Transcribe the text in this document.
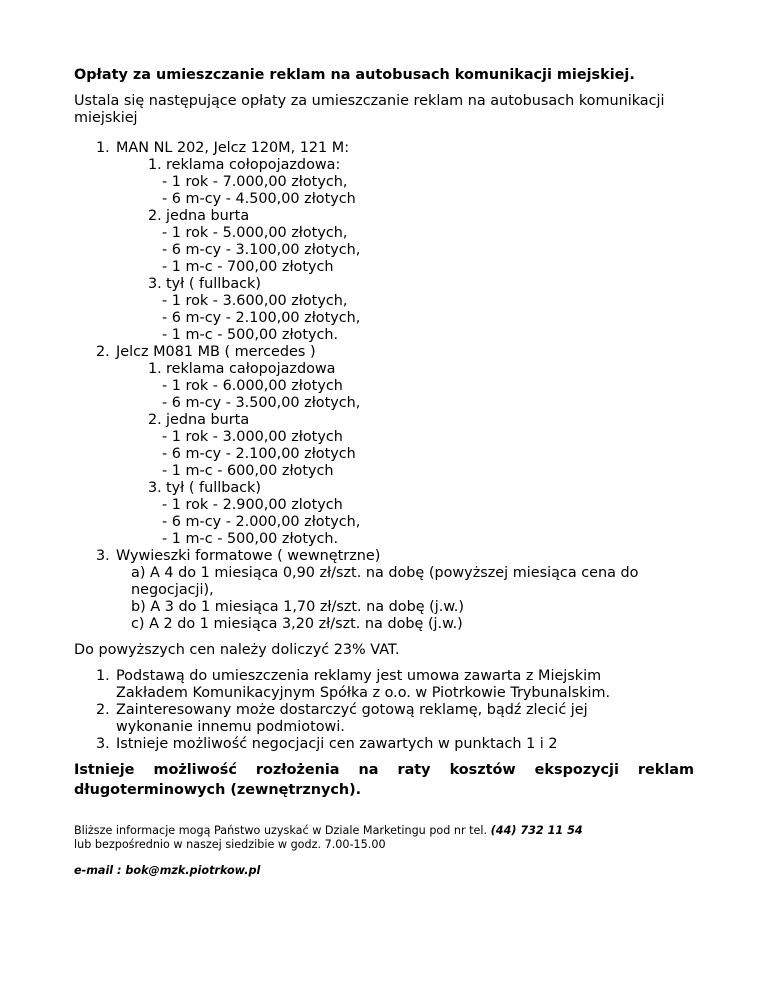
Opłaty za umieszczanie reklam na autobusach komunikacji miejskiej.
Ustala się następujące opłaty za umieszczanie reklam na autobusach komunikacji miejskiej
1. MAN NL 202, Jelcz 120M, 121 M:
1. reklama cołopojazdowa:
- 1 rok - 7.000,00 złotych,
- 6 m-cy - 4.500,00 złotych
2. jedna burta
- 1 rok - 5.000,00 złotych,
- 6 m-cy - 3.100,00 złotych,
- 1 m-c - 700,00 złotych
3. tył ( fullback)
- 1 rok - 3.600,00 złotych,
- 6 m-cy - 2.100,00 złotych,
- 1 m-c - 500,00 złotych.
2. Jelcz M081 MB ( mercedes )
1. reklama całopojazdowa
- 1 rok - 6.000,00 złotych
- 6 m-cy - 3.500,00 złotych,
2. jedna burta
- 1 rok - 3.000,00 złotych
- 6 m-cy - 2.100,00 złotych
- 1 m-c - 600,00 złotych
3. tył ( fullback)
- 1 rok - 2.900,00 zlotych
- 6 m-cy - 2.000,00 złotych,
- 1 m-c - 500,00 złotych.
3. Wywieszki formatowe ( wewnętrzne)
a) A 4 do 1 miesiąca 0,90 zł/szt. na dobę (powyższej miesiąca cena do
negocjacji),
b) A 3 do 1 miesiąca 1,70 zł/szt. na dobę (j.w.)
c) A 2 do 1 miesiąca 3,20 zł/szt. na dobę (j.w.)
Do powyższych cen należy doliczyć 23% VAT.
1. Podstawą do umieszczenia reklamy jest umowa zawarta z Miejskim
Zakładem Komunikacyjnym Spółka z o.o. w Piotrkowie Trybunalskim.
2. Zainteresowany może dostarczyć gotową reklamę, bądź zlecić jej
wykonanie innemu podmiotowi.
3. Istnieje możliwość negocjacji cen zawartych w punktach 1 i 2
Istnieje możliwość rozłożenia na raty kosztów ekspozycji reklam długoterminowych (zewnętrznych).
Bliższe informacje mogą Państwo uzyskać w Dziale Marketingu pod nr tel. (44) 732 11 54
lub bezpośrednio w naszej siedzibie w godz. 7.00-15.00
e-mail : bok@mzk.piotrkow.pl
